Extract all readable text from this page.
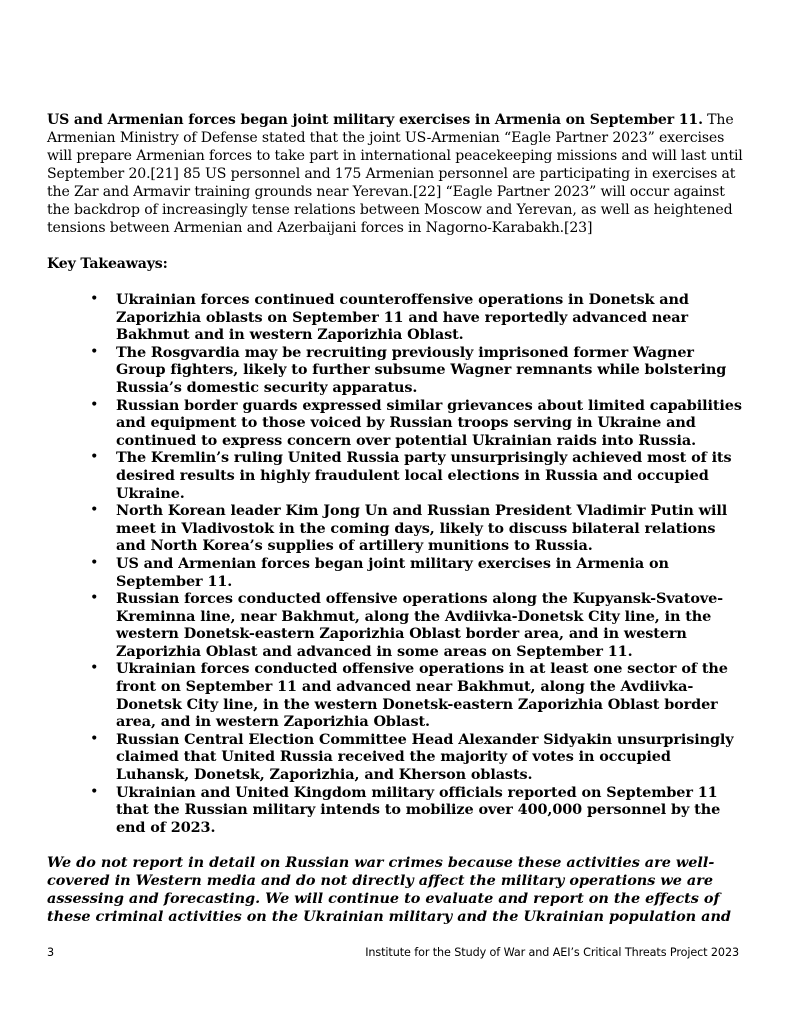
US and Armenian forces began joint military exercises in Armenia on September 11. The Armenian Ministry of Defense stated that the joint US-Armenian “Eagle Partner 2023” exercises will prepare Armenian forces to take part in international peacekeeping missions and will last until September 20.[21] 85 US personnel and 175 Armenian personnel are participating in exercises at the Zar and Armavir training grounds near Yerevan.[22] “Eagle Partner 2023” will occur against the backdrop of increasingly tense relations between Moscow and Yerevan, as well as heightened tensions between Armenian and Azerbaijani forces in Nagorno-Karabakh.[23]

Key Takeaways:
• Ukrainian forces continued counteroffensive operations in Donetsk and Zaporizhia oblasts on September 11 and have reportedly advanced near Bakhmut and in western Zaporizhia Oblast.
• The Rosgvardia may be recruiting previously imprisoned former Wagner Group fighters, likely to further subsume Wagner remnants while bolstering Russia’s domestic security apparatus.
• Russian border guards expressed similar grievances about limited capabilities and equipment to those voiced by Russian troops serving in Ukraine and continued to express concern over potential Ukrainian raids into Russia.
• The Kremlin’s ruling United Russia party unsurprisingly achieved most of its desired results in highly fraudulent local elections in Russia and occupied Ukraine.
• North Korean leader Kim Jong Un and Russian President Vladimir Putin will meet in Vladivostok in the coming days, likely to discuss bilateral relations and North Korea’s supplies of artillery munitions to Russia.
• US and Armenian forces began joint military exercises in Armenia on September 11.
• Russian forces conducted offensive operations along the Kupyansk-Svatove-Kreminna line, near Bakhmut, along the Avdiivka-Donetsk City line, in the western Donetsk-eastern Zaporizhia Oblast border area, and in western Zaporizhia Oblast and advanced in some areas on September 11.
• Ukrainian forces conducted offensive operations in at least one sector of the front on September 11 and advanced near Bakhmut, along the Avdiivka-Donetsk City line, in the western Donetsk-eastern Zaporizhia Oblast border area, and in western Zaporizhia Oblast.
• Russian Central Election Committee Head Alexander Sidyakin unsurprisingly claimed that United Russia received the majority of votes in occupied Luhansk, Donetsk, Zaporizhia, and Kherson oblasts.
• Ukrainian and United Kingdom military officials reported on September 11 that the Russian military intends to mobilize over 400,000 personnel by the end of 2023.

We do not report in detail on Russian war crimes because these activities are well-covered in Western media and do not directly affect the military operations we are assessing and forecasting. We will continue to evaluate and report on the effects of these criminal activities on the Ukrainian military and the Ukrainian population and

3	Institute for the Study of War and AEI’s Critical Threats Project 2023
